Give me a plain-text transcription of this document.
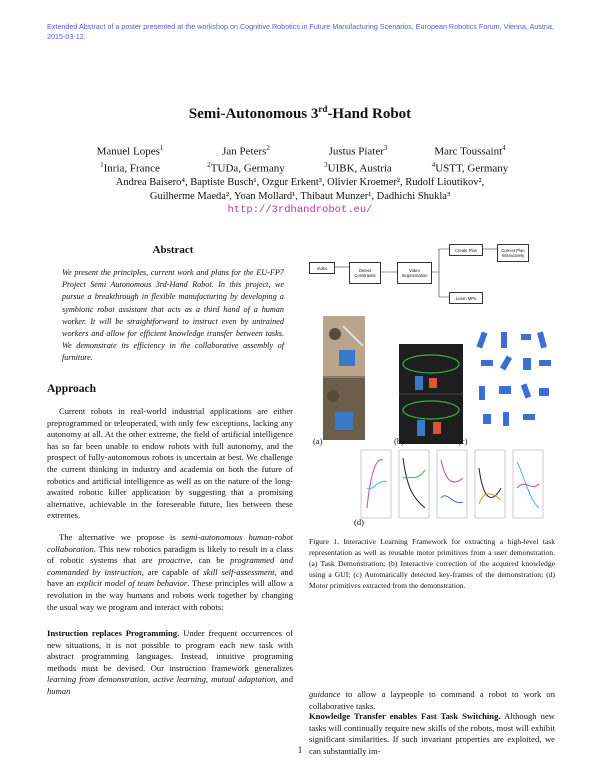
Extended Abstract of a poster presented at the workshop on Cognitive Robotics in Future Manufacturing Scenarios, European Robotics Forum, Vienna, Austria, 2015-03-12.
Semi-Autonomous 3rd-Hand Robot
Manuel Lopes$^1$
$^1$Inria, France
Jan Peters$^2$
$^2$TUDa, Germany
Justus Piater$^3$
$^3$UIBK, Austria
Marc Toussaint$^4$
$^4$USTT, Germany
Andrea Baisero⁴, Baptiste Busch¹, Ozgur Erkent³, Olivier Kroemer², Rudolf Lioutikov²,
Guilherme Maeda², Yoan Mollard¹, Thibaut Munzer¹, Dadhichi Shukla³
http://3rdhandrobot.eu/
Abstract
We present the principles, current work and plans for the EU-FP7 Project Semi Autonomous 3rd-Hand Robot. In this project, we pursue a breakthrough in flexible manufacturing by developing a symbiotic robot assistant that acts as a third hand of a human worker. It will be straightforward to instruct even by untrained workers and allow for efficient knowledge transfer between tasks. We demonstrate its efficiency in the collaborative assembly of furniture.
Approach
Current robots in real-world industrial applications are either preprogrammed or teleoperated, with only few exceptions, lacking any autonomy at all. At the other extreme, the field of artificial intelligence has so far been unable to endow robots with full autonomy, and the prospect of fully-autonomous robots is uncertain at best. We challenge the current thinking in industry and academia on both the future of robotics and artificial intelligence as well as on the nature of the long-awaited robotic killer application by suggesting that a promising alternative, achievable in the foreseeable future, lies between these extremes.
The alternative we propose is semi-autonomous human-robot collaboration. This new robotics paradigm is likely to result in a class of robotic systems that are proactive, can be programmed and commanded by instruction, are capable of skill self-assessment, and have an explicit model of team behavior. These principles will allow a revolution in the way humans and robots work together by changing the usual way we program and interact with robots:
Instruction replaces Programming. Under frequent occurrences of new situations, it is not possible to program each new task with abstract programming languages. Instead, intuitive programing methods must be devised. Our instruction framework generalizes learning from demonstration, active learning, mutual adaptation, and human
Video	Detect Constraints
Video Segmentation
Create Plan	Correct Plan Interactively
Learn MPs
(a)	(b)	(c)
(d)
Figure 1. Interactive Learning Framework for extracting a high-level task representation as well as reusable motor primitives from a user demonstration. (a) Task Demonstration; (b) Interactive correction of the acquired knowledge using a GUI; (c) Automatically detected key-frames of the demonstration; (d) Motor primitives extracted from the demonstration.
guidance to allow a laypeople to command a robot to work on collaborative tasks.
Knowledge Transfer enables Fast Task Switching. Although new tasks will continually require new skills of the robots, most will exhibit significant similarities. If such invariant properties are exploited, we can substantially im-
1
